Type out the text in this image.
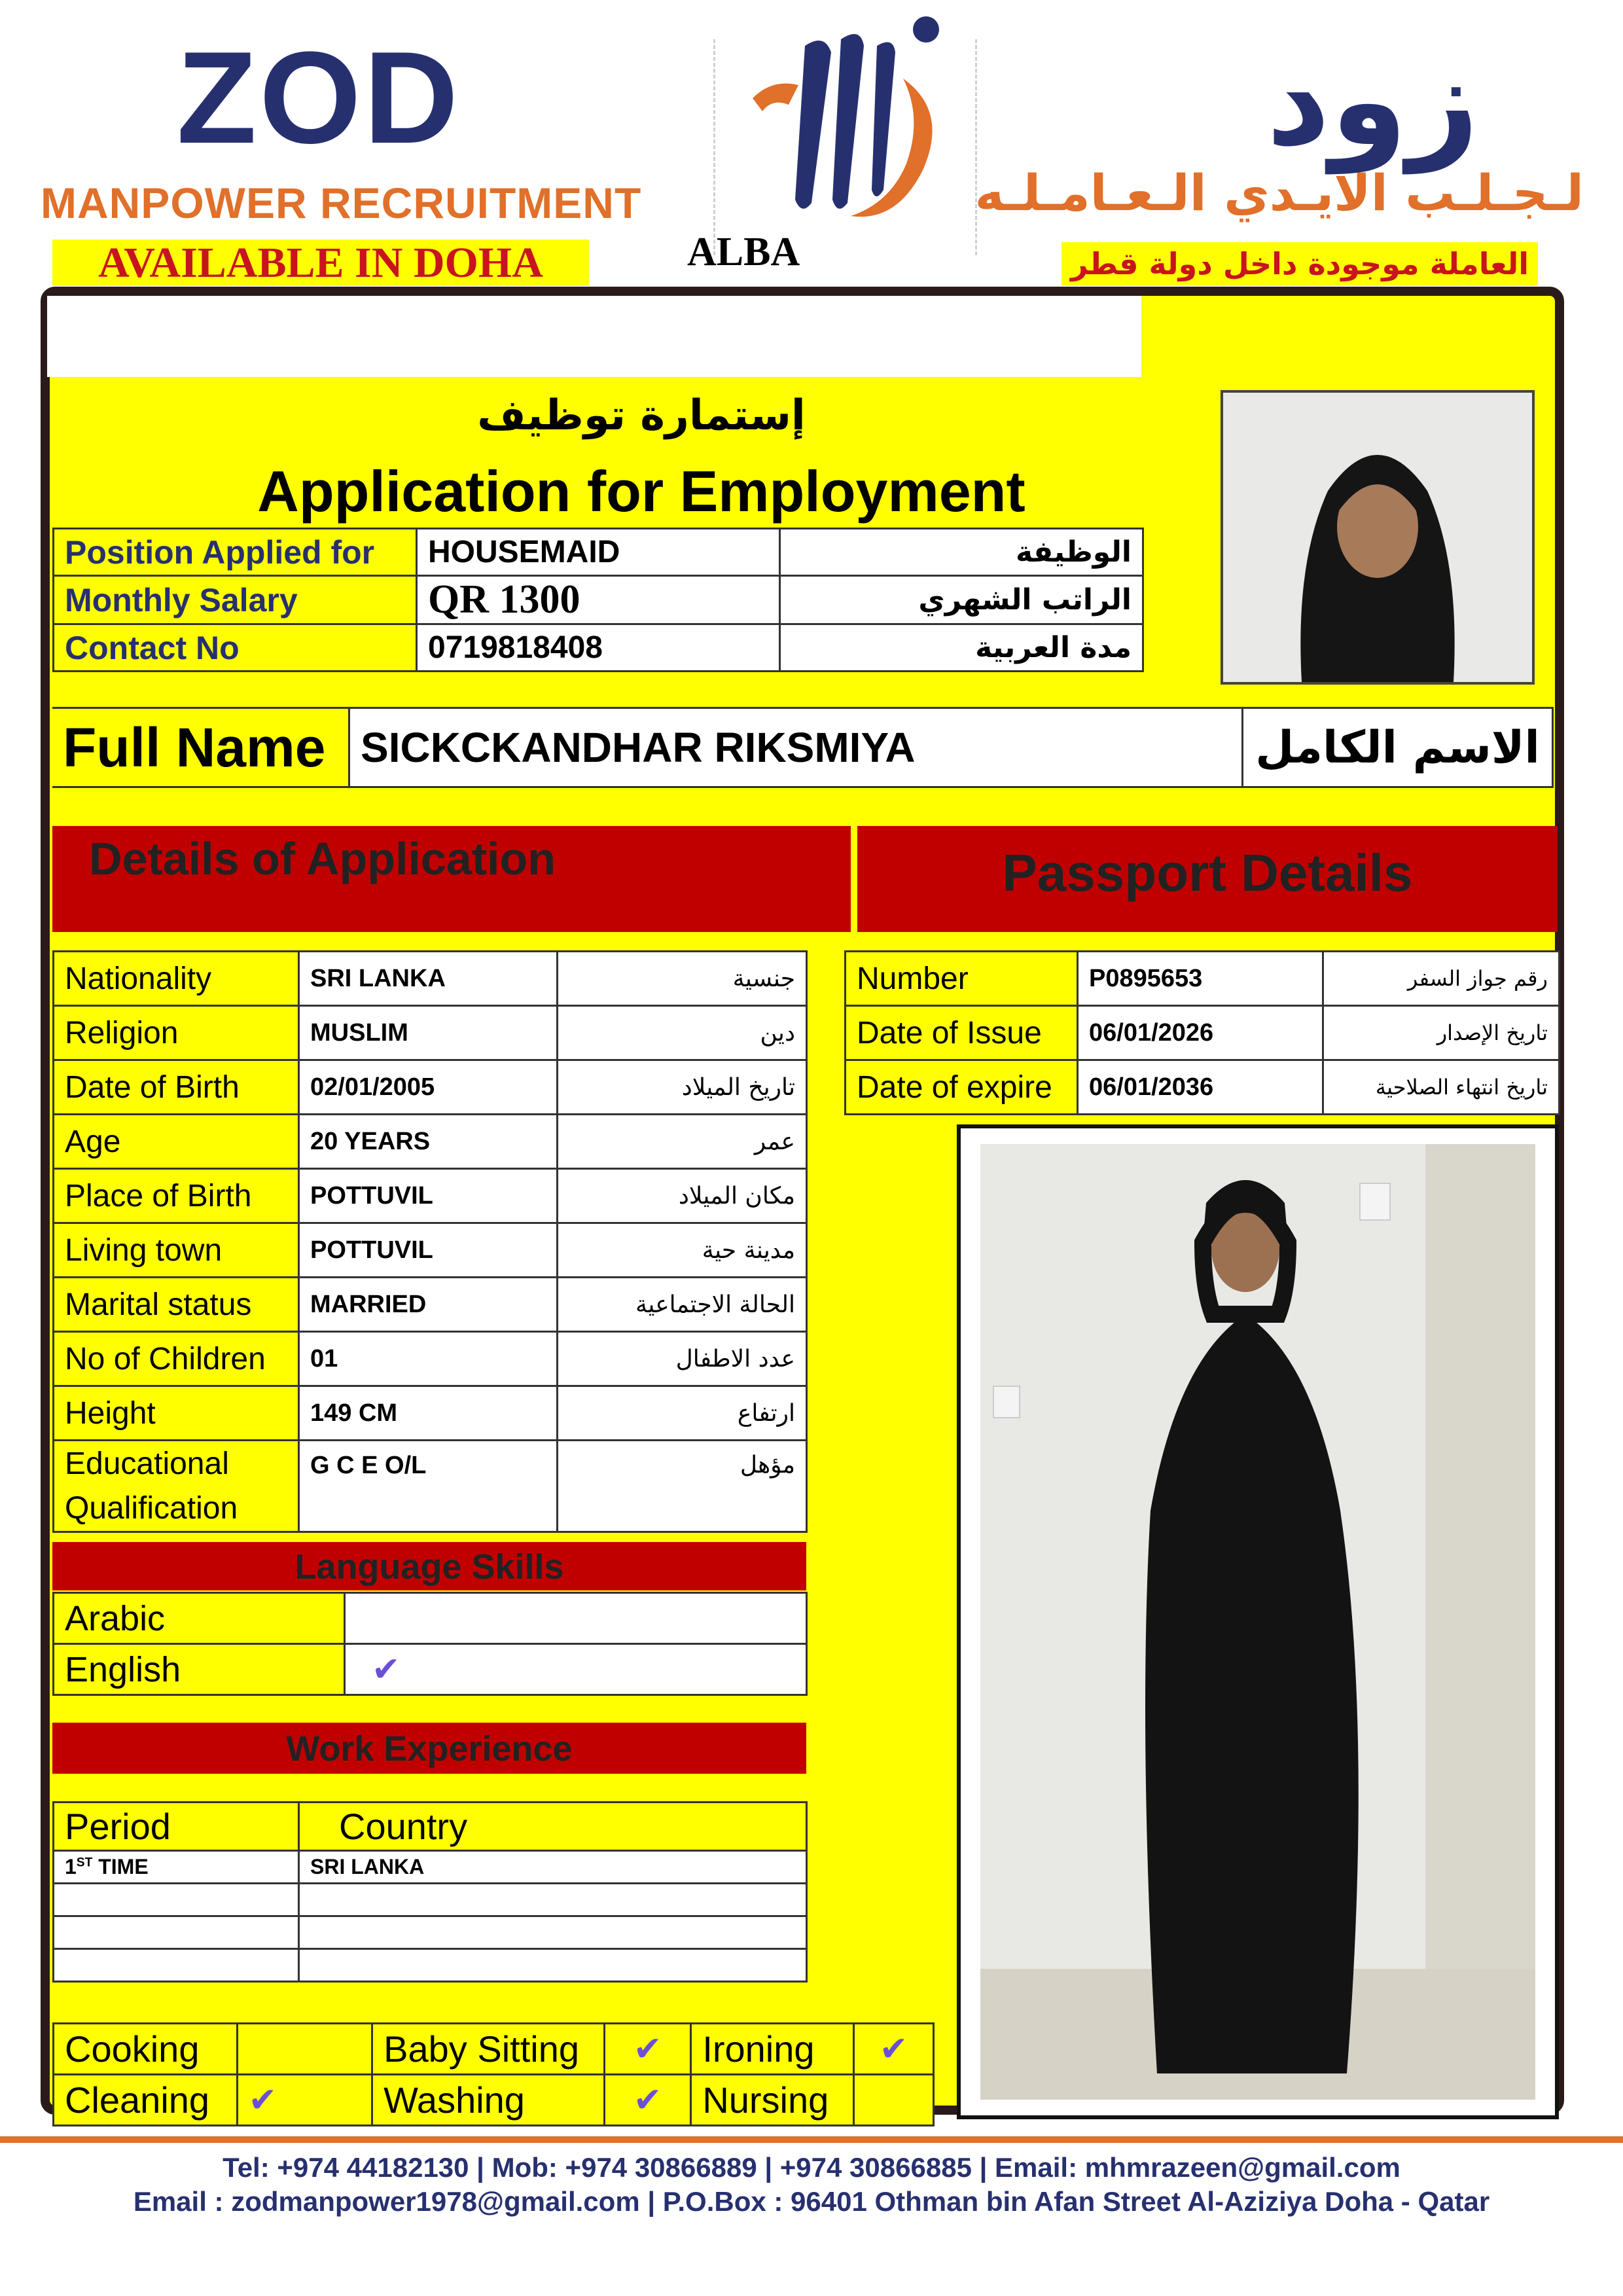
ZOD
MANPOWER RECRUITMENT
AVAILABLE IN DOHA	ALBA
زود
لـجـلـب الايـدي الـعـامـلـه
العاملة موجودة داخل دولة قطر
إستمارة توظيف
Application for Employment
Position Applied for	HOUSEMAID	الوظيفة
Monthly Salary	QR 1300	الراتب الشهري
Contact No	0719818408	مدة العربية
Full Name	SICKCKANDHAR RIKSMIYA	الاسم الكامل
Details of Application	Passport Details
Nationality	SRI LANKA	جنسية
Religion	MUSLIM	دين
Date of Birth	02/01/2005	تاريخ الميلاد
Age	20 YEARS	عمر
Place of Birth	POTTUVIL	مكان الميلاد
Living town	POTTUVIL	مدينة حية
Marital status	MARRIED	الحالة الاجتماعية
No of Children	01	عدد الاطفال
Height	149 CM	ارتفاع

Educational
Qualification	G C E O/L	مؤهل
Number	P0895653	رقم جواز السفر
Date of Issue	06/01/2026	تاريخ الإصدار
Date of expire	06/01/2036	تاريخ انتهاء الصلاحية
Language Skills
Arabic	
English	✔
Work Experience
Period	Country
1ST TIME	SRI LANKA

Cooking		Baby Sitting	✔	Ironing	✔
Cleaning	✔	Washing	✔	Nursing	
Tel: +974 44182130 | Mob: +974 30866889 | +974 30866885 | Email: mhmrazeen@gmail.com
Email : zodmanpower1978@gmail.com | P.O.Box : 96401 Othman bin Afan Street Al-Aziziya Doha - Qatar
